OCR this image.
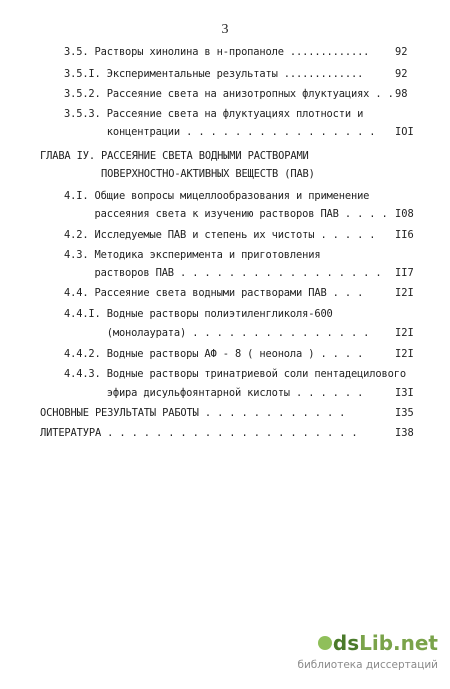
3
3.5. Растворы хинолина в н-пропаноле ............. 92
3.5.I. Экспериментальные результаты .............	92
3.5.2. Рассеяние света на анизотропных флуктуациях . . 98
3.5.3. Рассеяние света на флуктуациях плотности и
концентрации . . . . . . . . . . . . . . . . IOI
ГЛАВА IУ. РАССЕЯНИЕ СВЕТА ВОДНЫМИ РАСТВОРАМИ
ПОВЕРХНОСТНО-АКТИВНЫХ ВЕЩЕСТВ (ПАВ)
4.I. Общие вопросы мицеллообразования и применение
рассеяния света к изучению растворов ПАВ . . . . I08
4.2. Исследуемые ПАВ и степень их чистоты . . . . . II6
4.3. Методика эксперимента и приготовления
растворов ПАВ . . . . . . . . . . . . . . . . . II7
4.4. Рассеяние света водными растворами ПАВ . . .	I2I
4.4.I. Водные растворы полиэтиленгликоля-600
(монолаурата) . . . . . . . . . . . . . . . I2I
4.4.2. Водные растворы АФ - 8 ( неонола ) . . . .	I2I
4.4.3. Водные растворы тринатриевой соли пентадецилового
эфира дисульфоянтарной кислоты . . . . . .	I3I
ОСНОВНЫЕ РЕЗУЛЬТАТЫ РАБОТЫ . . . . . . . . . . . .	I35
ЛИТЕРАТУРА . . . . . . . . . . . . . . . . . . . . .	I38
dsLib.net
библиотека диссертаций
